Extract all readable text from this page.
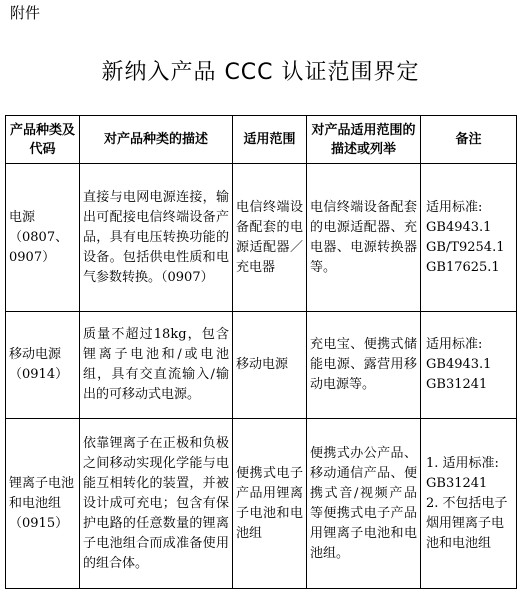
附件
新纳入产品 CCC 认证范围界定
产品种类及代码	对产品种类的描述	适用范围	对产品适用范围的描述或列举	备注
电源（0807、0907）	直接与电网电源连接，输出可配接电信终端设备产品，具有电压转换功能的设备。包括供电性质和电气参数转换。（0907）	电信终端设备配套的电源适配器／充电器	电信终端设备配套的电源适配器、充电器、电源转换器等。	适用标准:
GB4943.1
GB/T9254.1
GB17625.1
移动电源（0914）	质量不超过18kg，包含锂离子电池和/或电池组，具有交直流输入/输出的可移动式电源。	移动电源	充电宝、便携式储能电源、露营用移动电源等。	适用标准:
GB4943.1
GB31241
锂离子电池和电池组（0915）	依靠锂离子在正极和负极之间移动实现化学能与电能互相转化的装置，并被设计成可充电；包含有保护电路的任意数量的锂离子电池组合而成准备使用的组合体。	便携式电子产品用锂离子电池和电池组	便携式办公产品、移动通信产品、便携式音/视频产品等便携式电子产品用锂离子电池和电池组。	1. 适用标准:
GB31241
2. 不包括电子烟用锂离子电池和电池组
